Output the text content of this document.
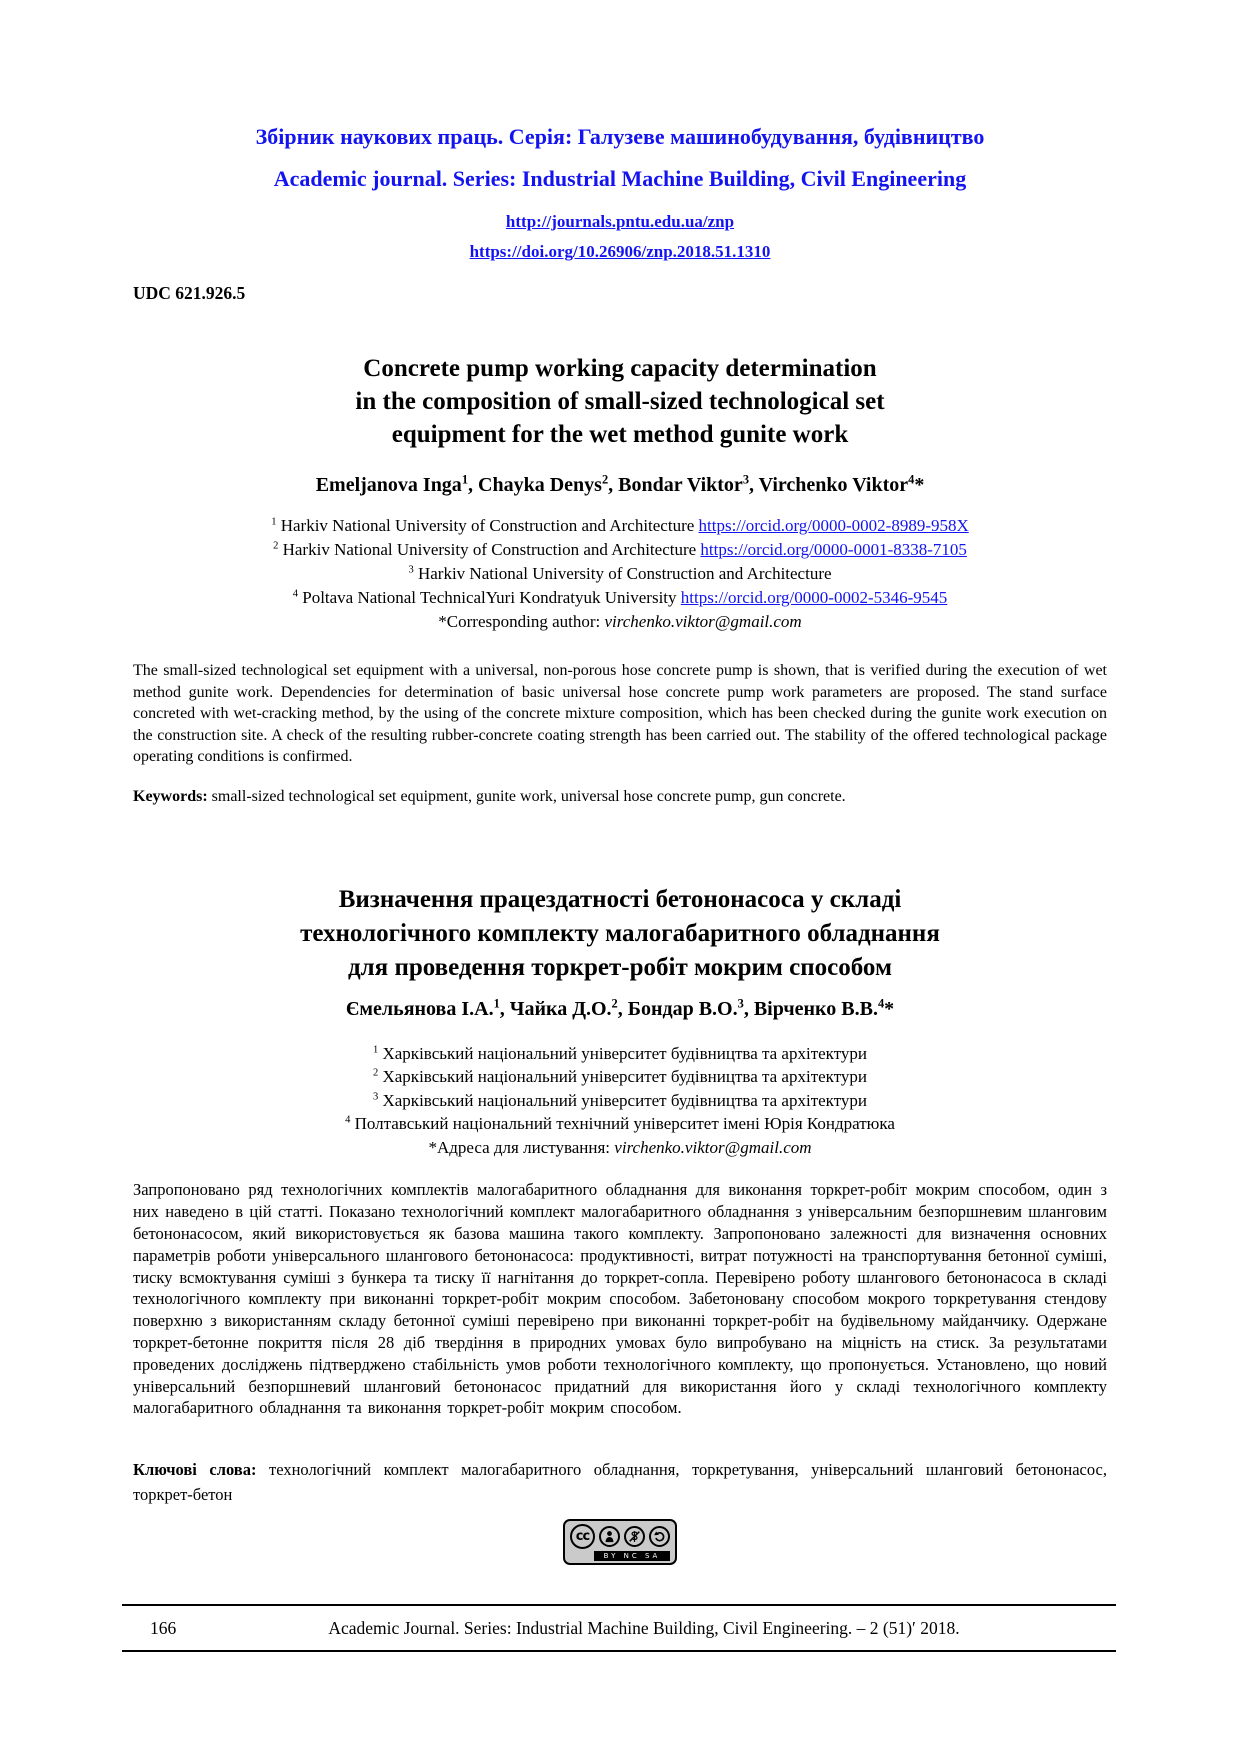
Збірник наукових праць. Серія: Галузеве машинобудування, будівництво
Academic journal. Series: Industrial Machine Building, Civil Engineering
http://journals.pntu.edu.ua/znp
https://doi.org/10.26906/znp.2018.51.1310
UDC 621.926.5
Concrete pump working capacity determination
in the composition of small-sized technological set
equipment for the wet method gunite work
Emeljanova Inga$^1$, Chayka Denys$^2$, Bondar Viktor$^3$, Virchenko Viktor$^4$*
$^1$ Harkiv National University of Construction and Architecture https://orcid.org/0000-0002-8989-958X
$^2$ Harkiv National University of Construction and Architecture https://orcid.org/0000-0001-8338-7105
$^3$ Harkiv National University of Construction and Architecture
$^4$ Poltava National TechnicalYuri Kondratyuk University https://orcid.org/0000-0002-5346-9545
*Corresponding author: virchenko.viktor@gmail.com
The small-sized technological set equipment with a universal, non-porous hose concrete pump is shown, that is verified during the execution of wet method gunite work. Dependencies for determination of basic universal hose concrete pump work parameters are proposed. The stand surface concreted with wet-cracking method, by the using of the concrete mixture composition, which has been checked during the gunite work execution on the construction site. A check of the resulting rubber-concrete coating strength has been carried out. The stability of the offered technological package operating conditions is confirmed.
Keywords: small-sized technological set equipment, gunite work, universal hose concrete pump, gun concrete.
Визначення працездатності бетононасоса у складі
технологічного комплекту малогабаритного обладнання
для проведення торкрет-робіт мокрим способом
Ємельянова І.А.$^1$, Чайка Д.О.$^2$, Бондар В.О.$^3$, Вірченко В.В.$^4$*
$^1$ Харківський національний університет будівництва та архітектури
$^2$ Харківський національний університет будівництва та архітектури
$^3$ Харківський національний університет будівництва та архітектури
$^4$ Полтавський національний технічний університет імені Юрія Кондратюка
*Адреса для листування: virchenko.viktor@gmail.com
Запропоновано ряд технологічних комплектів малогабаритного обладнання для виконання торкрет-робіт мокрим способом, один з них наведено в цій статті. Показано технологічний комплект малогабаритного обладнання з універсальним безпоршневим шланговим бетононасосом, який використовується як базова машина такого комплекту. Запропоновано залежності для визначення основних параметрів роботи універсального шлангового бетононасоса: продуктивності, витрат потужності на транспортування бетонної суміші, тиску всмоктування суміші з бункера та тиску її нагнітання до торкрет-сопла. Перевірено роботу шлангового бетононасоса в складі технологічного комплекту при виконанні торкрет-робіт мокрим способом. Забетоновану способом мокрого торкретування стендову поверхню з використанням складу бетонної суміші перевірено при виконанні торкрет-робіт на будівельному майданчику. Одержане торкрет-бетонне покриття після 28 діб твердіння в природних умовах було випробувано на міцність на стиск. За результатами проведених досліджень підтверджено стабільність умов роботи технологічного комплекту, що пропонується. Установлено, що новий універсальний безпоршневий шланговий бетононасос придатний для використання його у складі технологічного комплекту малогабаритного обладнання та виконання торкрет-робіт мокрим способом.
Ключові слова: технологічний комплект малогабаритного обладнання, торкретування, універсальний шланговий бетононасос, торкрет-бетон
cc
BY NC SA
166	Academic Journal. Series: Industrial Machine Building, Civil Engineering. – 2 (51)′ 2018.
